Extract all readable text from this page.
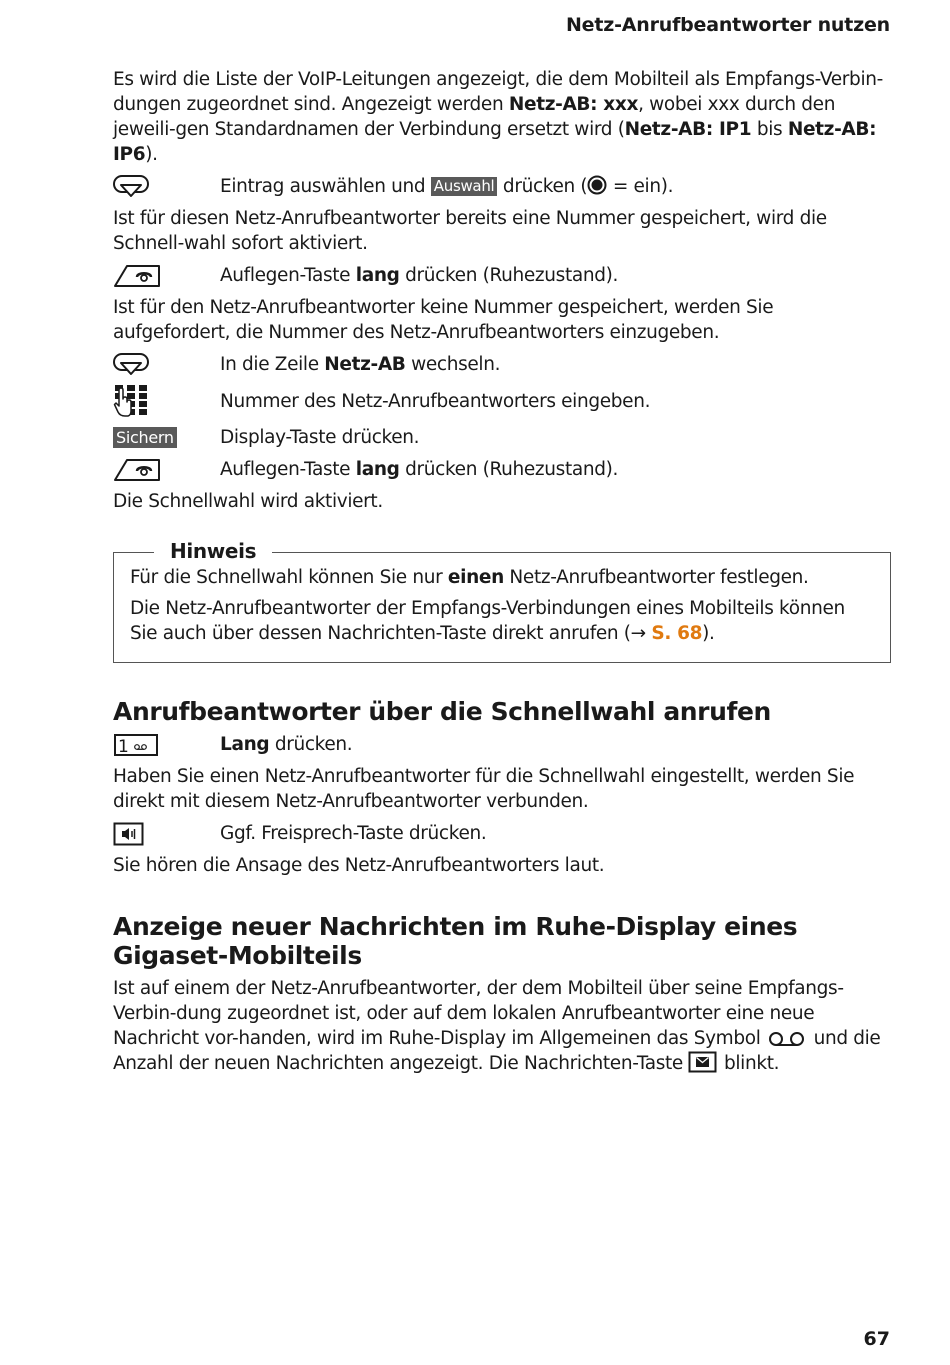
Netz-Anrufbeantworter nutzen

Es wird die Liste der VoIP-Leitungen angezeigt, die dem Mobilteil als Empfangs-Verbin-dungen zugeordnet sind. Angezeigt werden Netz-AB: xxx, wobei xxx durch den jeweili-gen Standardnamen der Verbindung ersetzt wird (Netz-AB: IP1 bis Netz-AB: IP6).

Eintrag auswählen und Auswahl drücken ( = ein).

Ist für diesen Netz-Anrufbeantworter bereits eine Nummer gespeichert, wird die Schnell-wahl sofort aktiviert.

Auflegen-Taste lang drücken (Ruhezustand).

Ist für den Netz-Anrufbeantworter keine Nummer gespeichert, werden Sie aufgefordert, die Nummer des Netz-Anrufbeantworters einzugeben.

In die Zeile Netz-AB wechseln.
Nummer des Netz-Anrufbeantworters eingeben.
Sichern	Display-Taste drücken.
Auflegen-Taste lang drücken (Ruhezustand).

Die Schnellwahl wird aktiviert.

Hinweis

Für die Schnellwahl können Sie nur einen Netz-Anrufbeantworter festlegen.

Die Netz-Anrufbeantworter der Empfangs-Verbindungen eines Mobilteils können Sie auch über dessen Nachrichten-Taste direkt anrufen (→ S. 68).

Anrufbeantworter über die Schnellwahl anrufen
1	Lang drücken.

Haben Sie einen Netz-Anrufbeantworter für die Schnellwahl eingestellt, werden Sie direkt mit diesem Netz-Anrufbeantworter verbunden.

Ggf. Freisprech-Taste drücken.

Sie hören die Ansage des Netz-Anrufbeantworters laut.

Anzeige neuer Nachrichten im Ruhe-Display eines Gigaset-Mobilteils

Ist auf einem der Netz-Anrufbeantworter, der dem Mobilteil über seine Empfangs-Verbin-dung zugeordnet ist, oder auf dem lokalen Anrufbeantworter eine neue Nachricht vor-handen, wird im Ruhe-Display im Allgemeinen das Symbol  und die Anzahl der neuen Nachrichten angezeigt. Die Nachrichten-Taste  blinkt.

67
